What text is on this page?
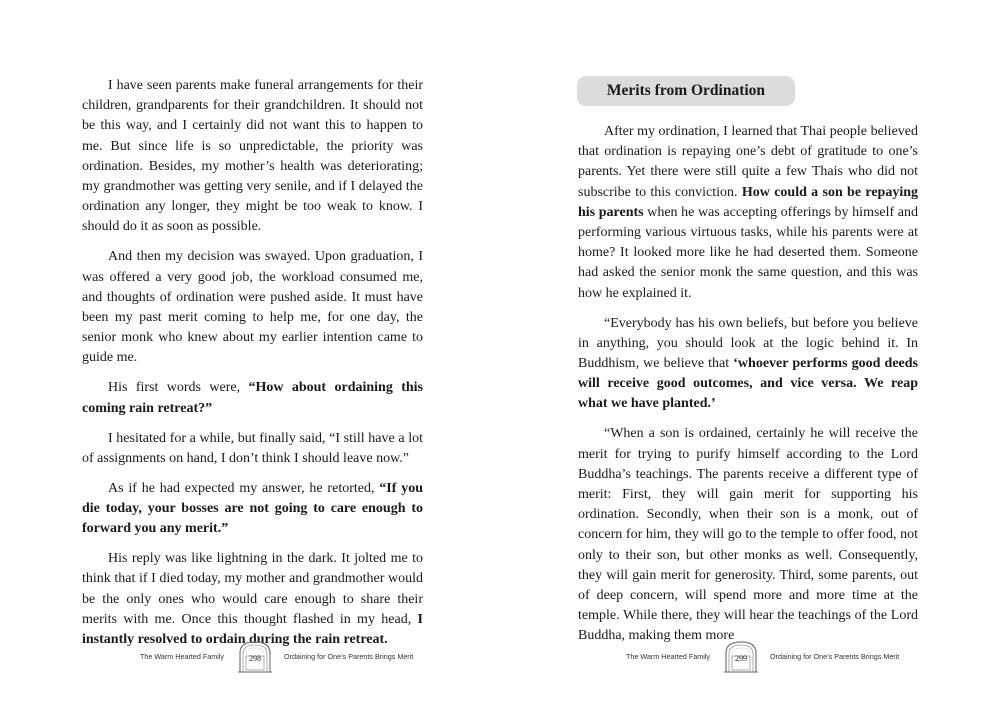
I have seen parents make funeral arrangements for their children, grandparents for their grandchildren. It should not be this way, and I certainly did not want this to happen to me. But since life is so unpredictable, the priority was ordination. Besides, my mother’s health was deteriorating; my grandmother was getting very senile, and if I delayed the ordination any longer, they might be too weak to know. I should do it as soon as possible.

And then my decision was swayed. Upon graduation, I was offered a very good job, the workload consumed me, and thoughts of ordination were pushed aside. It must have been my past merit coming to help me, for one day, the senior monk who knew about my earlier intention came to guide me.

His first words were, “How about ordaining this coming rain retreat?”

I hesitated for a while, but finally said, “I still have a lot of assignments on hand, I don’t think I should leave now.”

As if he had expected my answer, he retorted, “If you die today, your bosses are not going to care enough to forward you any merit.”

His reply was like lightning in the dark. It jolted me to think that if I died today, my mother and grandmother would be the only ones who would care enough to share their merits with me. Once this thought flashed in my head, I instantly resolved to ordain during the rain retreat.

Merits from Ordination

After my ordination, I learned that Thai people believed that ordination is repaying one’s debt of gratitude to one’s parents. Yet there were still quite a few Thais who did not subscribe to this conviction. How could a son be repaying his parents when he was accepting offerings by himself and performing various virtuous tasks, while his parents were at home? It looked more like he had deserted them. Someone had asked the senior monk the same question, and this was how he explained it.

“Everybody has his own beliefs, but before you believe in anything, you should look at the logic behind it. In Buddhism, we believe that ‘whoever performs good deeds will receive good outcomes, and vice versa. We reap what we have planted.’

“When a son is ordained, certainly he will receive the merit for trying to purify himself according to the Lord Buddha’s teachings. The parents receive a different type of merit: First, they will gain merit for supporting his ordination. Secondly, when their son is a monk, out of concern for him, they will go to the temple to offer food, not only to their son, but other monks as well. Consequently, they will gain merit for generosity. Third, some parents, out of deep concern, will spend more and more time at the temple. While there, they will hear the teachings of the Lord Buddha, making them more

The Warm Hearted Family	298	Ordaining for One’s Parents Brings Merit	The Warm Hearted Family	299	Ordaining for One’s Parents Brings Merit
